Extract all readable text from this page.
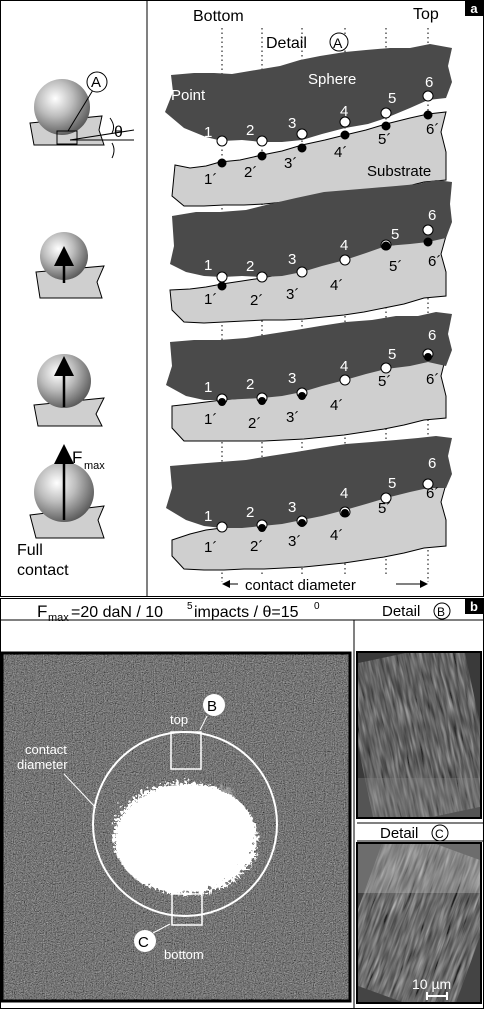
A
θ
F max
Full
contact
Bottom	Top
Detail A
Point
Sphere
Substrate
1 2 3
4
5
6
1´ 2´
3´
4´
5´
6´
1 2 3
4
5
6
1´ 2´ 3´
4´
5´ 6´
1 2 3
4
5
6
1´ 2´ 3´
4´
5´ 6´
1 2 3
4
5
6
1´ 2´ 3´ 4´
5´
6´
contact diameter
a
B
top
C
bottom
contact
diameter
F max =20 daN / 10 5 impacts / θ=15 0	Detail B
Detail C
10 µm
b
